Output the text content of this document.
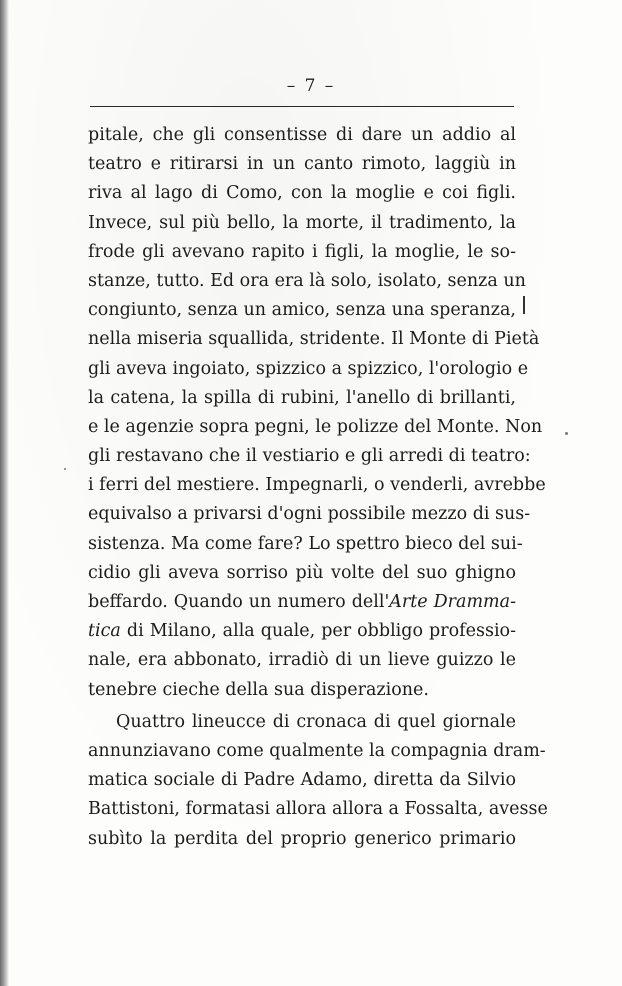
– 7 –
pitale, che gli consentisse di dare un addio al
teatro e ritirarsi in un canto rimoto, laggiù in
riva al lago di Como, con la moglie e coi figli.
Invece, sul più bello, la morte, il tradimento, la
frode gli avevano rapito i figli, la moglie, le so-
stanze, tutto. Ed ora era là solo, isolato, senza un
congiunto, senza un amico, senza una speranza,
nella miseria squallida, stridente. Il Monte di Pietà
gli aveva ingoiato, spizzico a spizzico, l'orologio e
la catena, la spilla di rubini, l'anello di brillanti,
e le agenzie sopra pegni, le polizze del Monte. Non
gli restavano che il vestiario e gli arredi di teatro:
i ferri del mestiere. Impegnarli, o venderli, avrebbe
equivalso a privarsi d'ogni possibile mezzo di sus-
sistenza. Ma come fare? Lo spettro bieco del sui-
cidio gli aveva sorriso più volte del suo ghigno
beffardo. Quando un numero dell'Arte Dramma-
tica di Milano, alla quale, per obbligo professio-
nale, era abbonato, irradiò di un lieve guizzo le
tenebre cieche della sua disperazione.
Quattro lineucce di cronaca di quel giornale
annunziavano come qualmente la compagnia dram-
matica sociale di Padre Adamo, diretta da Silvio
Battistoni, formatasi allora allora a Fossalta, avesse
subìto la perdita del proprio generico primario
